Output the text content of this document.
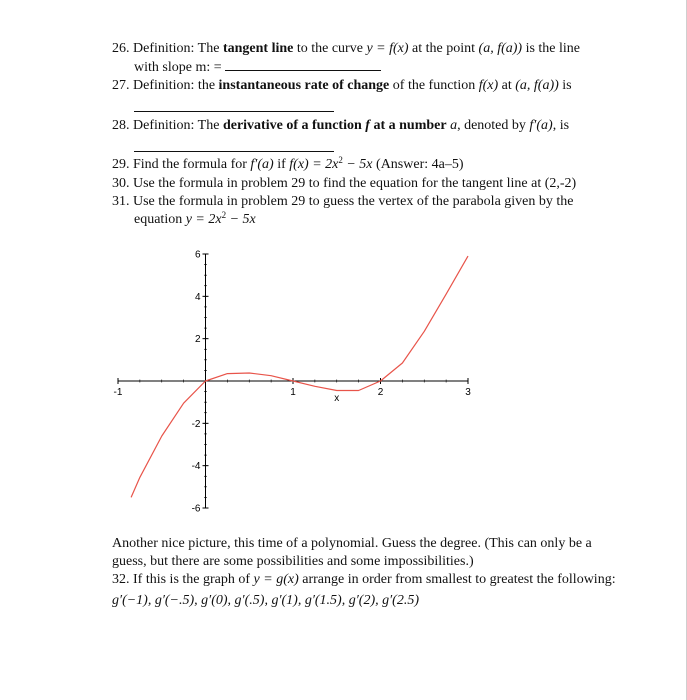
26. Definition: The tangent line to the curve y = f(x) at the point (a, f(a)) is the line
with slope m: =
27. Definition: the instantaneous rate of change of the function f(x) at (a, f(a)) is
28. Definition: The derivative of a function f at a number a, denoted by f′(a), is
29. Find the formula for f′(a) if $f(x) = 2x^2 - 5x$ (Answer: 4a–5)
30. Use the formula in problem 29 to find the equation for the tangent line at (2,-2)
31. Use the formula in problem 29 to guess the vertex of the parabola given by the
equation $y = 2x^2 - 5x$
-1	1	2	3
6
4
2
-2
-4
-6
x
Another nice picture, this time of a polynomial. Guess the degree. (This can only be a
guess, but there are some possibilities and some impossibilities.)
32. If this is the graph of y = g(x) arrange in order from smallest to greatest the following:
g′(−1), g′(−.5), g′(0), g′(.5), g′(1), g′(1.5), g′(2), g′(2.5)
